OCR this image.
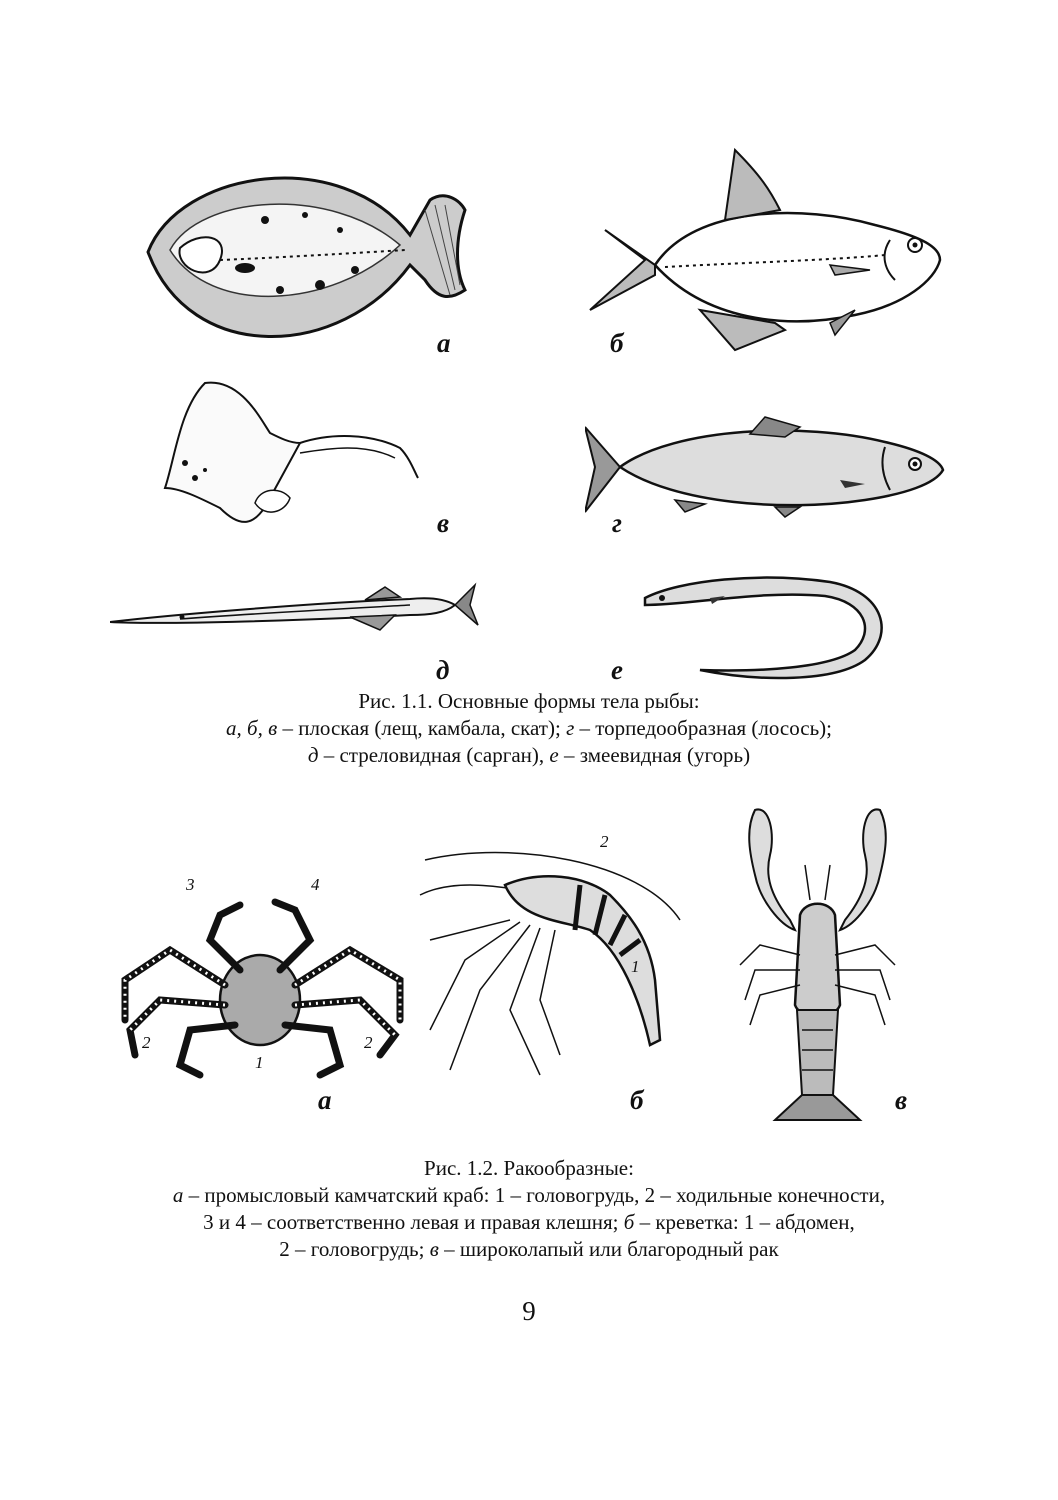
а	б
в	г
д	е
Рис. 1.1. Основные формы тела рыбы:
а, б, в – плоская (лещ, камбала, скат); г – торпедообразная (лосось);
д – стреловидная (сарган), е – змеевидная (угорь)
3	4
2	2
1
а
2
1
б	в
Рис. 1.2. Ракообразные:
а – промысловый камчатский краб: 1 – головогрудь, 2 – ходильные конечности,
3 и 4 – соответственно левая и правая клешня; б – креветка: 1 – абдомен,
2 – головогрудь; в – широколапый или благородный рак
9
